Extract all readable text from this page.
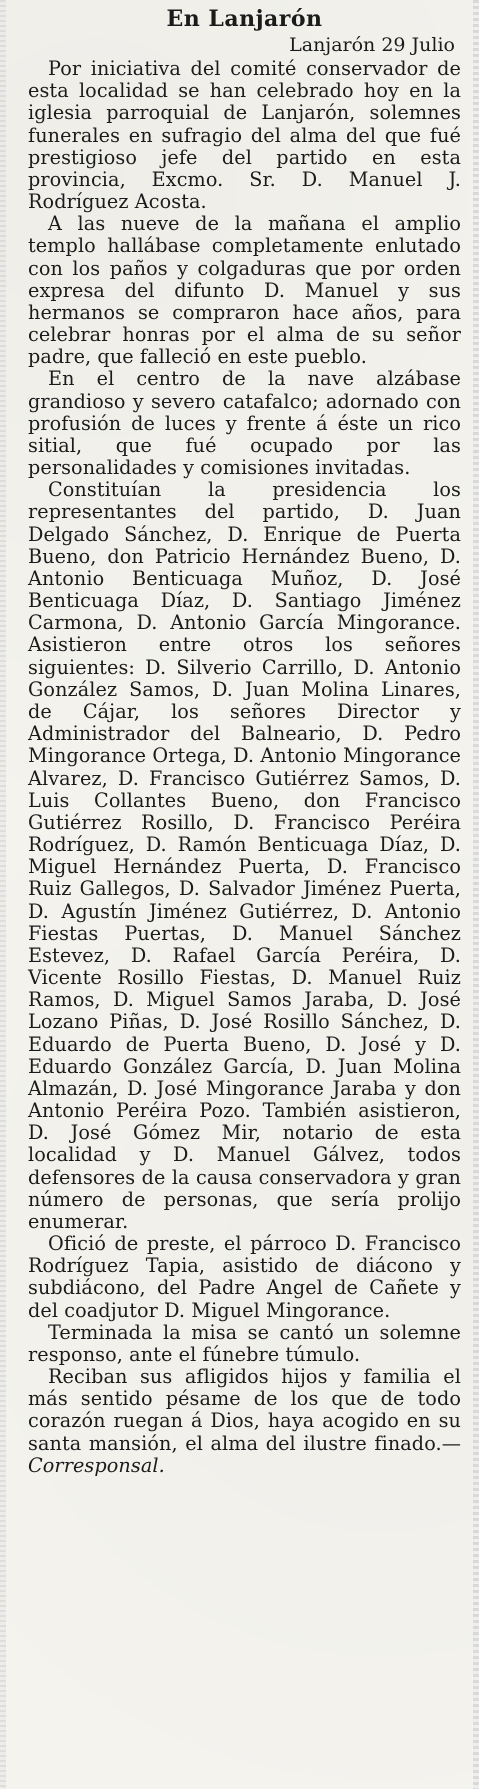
En Lanjarón
Lanjarón 29 Julio

Por iniciativa del comité conservador de esta localidad se han celebrado hoy en la iglesia parroquial de Lanjarón, solemnes funerales en sufragio del alma del que fué prestigioso jefe del partido en esta provincia, Excmo. Sr. D. Manuel J. Rodríguez Acosta.

A las nueve de la mañana el amplio templo hallábase completamente enlutado con los paños y colgaduras que por orden expresa del difunto D. Manuel y sus hermanos se compraron hace años, para celebrar honras por el alma de su señor padre, que falleció en este pueblo.

En el centro de la nave alzábase grandioso y severo catafalco; adornado con profusión de luces y frente á éste un rico sitial, que fué ocupado por las personalidades y comisiones invitadas.

Constituían la presidencia los representantes del partido, D. Juan Delgado Sánchez, D. Enrique de Puerta Bueno, don Patricio Hernández Bueno, D. Antonio Benticuaga Muñoz, D. José Benticuaga Díaz, D. Santiago Jiménez Carmona, D. Antonio García Mingorance. Asistieron entre otros los señores siguientes: D. Silverio Carrillo, D. Antonio González Samos, D. Juan Molina Linares, de Cájar, los señores Director y Administrador del Balneario, D. Pedro Mingorance Ortega, D. Antonio Mingorance Alvarez, D. Francisco Gutiérrez Samos, D. Luis Collantes Bueno, don Francisco Gutiérrez Rosillo, D. Francisco Peréira Rodríguez, D. Ramón Benticuaga Díaz, D. Miguel Hernández Puerta, D. Francisco Ruiz Gallegos, D. Salvador Jiménez Puerta, D. Agustín Jiménez Gutiérrez, D. Antonio Fiestas Puertas, D. Manuel Sánchez Estevez, D. Rafael García Peréira, D. Vicente Rosillo Fiestas, D. Manuel Ruiz Ramos, D. Miguel Samos Jaraba, D. José Lozano Piñas, D. José Rosillo Sánchez, D. Eduardo de Puerta Bueno, D. José y D. Eduardo González García, D. Juan Molina Almazán, D. José Mingorance Jaraba y don Antonio Peréira Pozo. También asistieron, D. José Gómez Mir, notario de esta localidad y D. Manuel Gálvez, todos defensores de la causa conservadora y gran número de personas, que sería prolijo enumerar.

Ofició de preste, el párroco D. Francisco Rodríguez Tapia, asistido de diácono y subdiácono, del Padre Angel de Cañete y del coadjutor D. Miguel Mingorance.

Terminada la misa se cantó un solemne responso, ante el fúnebre túmulo.

Reciban sus afligidos hijos y familia el más sentido pésame de los que de todo corazón ruegan á Dios, haya acogido en su santa mansión, el alma del ilustre finado.—Corresponsal.
